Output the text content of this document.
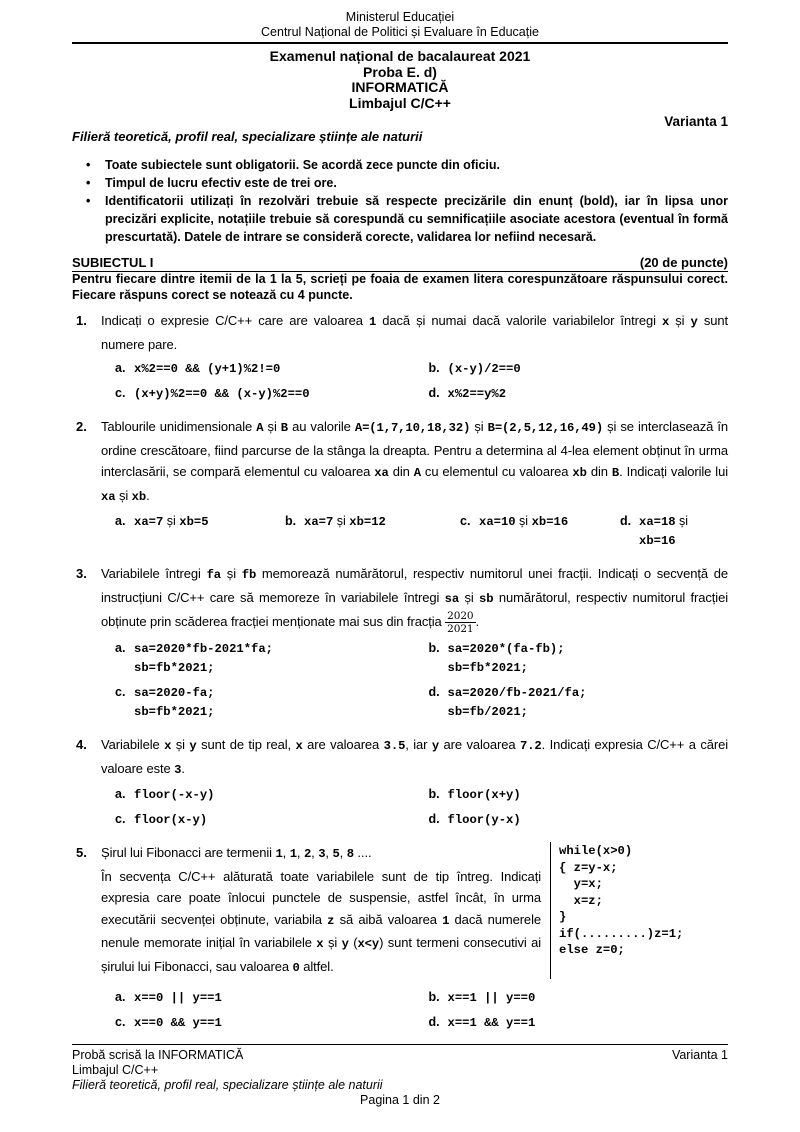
Ministerul Educației
Centrul Național de Politici și Evaluare în Educație
Examenul național de bacalaureat 2021
Proba E. d)
INFORMATICĂ
Limbajul C/C++
Varianta 1
Filieră teoretică, profil real, specializare științe ale naturii
• Toate subiectele sunt obligatorii. Se acordă zece puncte din oficiu.
• Timpul de lucru efectiv este de trei ore.
• Identificatorii utilizați în rezolvări trebuie să respecte precizările din enunț (bold), iar în lipsa unor precizări explicite, notațiile trebuie să corespundă cu semnificațiile asociate acestora (eventual în formă prescurtată). Datele de intrare se consideră corecte, validarea lor nefiind necesară.
SUBIECTUL I	(20 de puncte)
Pentru fiecare dintre itemii de la 1 la 5, scrieți pe foaia de examen litera corespunzătoare răspunsului corect. Fiecare răspuns corect se notează cu 4 puncte.
1.	Indicați o expresie C/C++ care are valoarea 1 dacă și numai dacă valorile variabilelor întregi x și y sunt numere pare.
a. x%2==0 && (y+1)%2!=0	b. (x-y)/2==0
c. (x+y)%2==0 && (x-y)%2==0	d. x%2==y%2
2.	Tablourile unidimensionale A și B au valorile A=(1,7,10,18,32) și B=(2,5,12,16,49) și se interclasează în ordine crescătoare, fiind parcurse de la stânga la dreapta. Pentru a determina al 4-lea element obținut în urma interclasării, se compară elementul cu valoarea xa din A cu elementul cu valoarea xb din B. Indicați valorile lui xa și xb.
a. xa=7 și xb=5	b. xa=7 și xb=12	c. xa=10 și xb=16	d. xa=18 și xb=16
3.	Variabilele întregi fa și fb memorează numărătorul, respectiv numitorul unei fracții. Indicați o secvență de instrucțiuni C/C++ care să memoreze în variabilele întregi sa și sb numărătorul, respectiv numitorul fracției obținute prin scăderea fracției menționate mai sus din fracția $\frac{2020}{2021}$ .
a. sa=2020*fb-2021*fa;
sb=fb*2021;
b. sa=2020*(fa-fb);
sb=fb*2021;
c. sa=2020-fa;
sb=fb*2021;
d. sa=2020/fb-2021/fa;
sb=fb/2021;
4.	Variabilele x și y sunt de tip real, x are valoarea 3.5, iar y are valoarea 7.2. Indicați expresia C/C++ a cărei valoare este 3.
a. floor(-x-y)	b. floor(x+y)
c. floor(x-y)	d. floor(y-x)
5.	Șirul lui Fibonacci are termenii 1, 1, 2, 3, 5, 8 ....
În secvența C/C++ alăturată toate variabilele sunt de tip întreg. Indicați expresia care poate înlocui punctele de suspensie, astfel încât, în urma executării secvenței obținute, variabila z să aibă valoarea 1 dacă numerele nenule memorate inițial în variabilele x și y (x<y) sunt termeni consecutivi ai șirului lui Fibonacci, sau valoarea 0 altfel.
while(x>0)
{ z=y-x;
y=x;
x=z;
}
if(.........)z=1;
else z=0;
a. x==0 || y==1	b. x==1 || y==0
c. x==0 && y==1	d. x==1 && y==1
Probă scrisă la INFORMATICĂ	Varianta 1
Limbajul C/C++
Filieră teoretică, profil real, specializare științe ale naturii
Pagina 1 din 2
